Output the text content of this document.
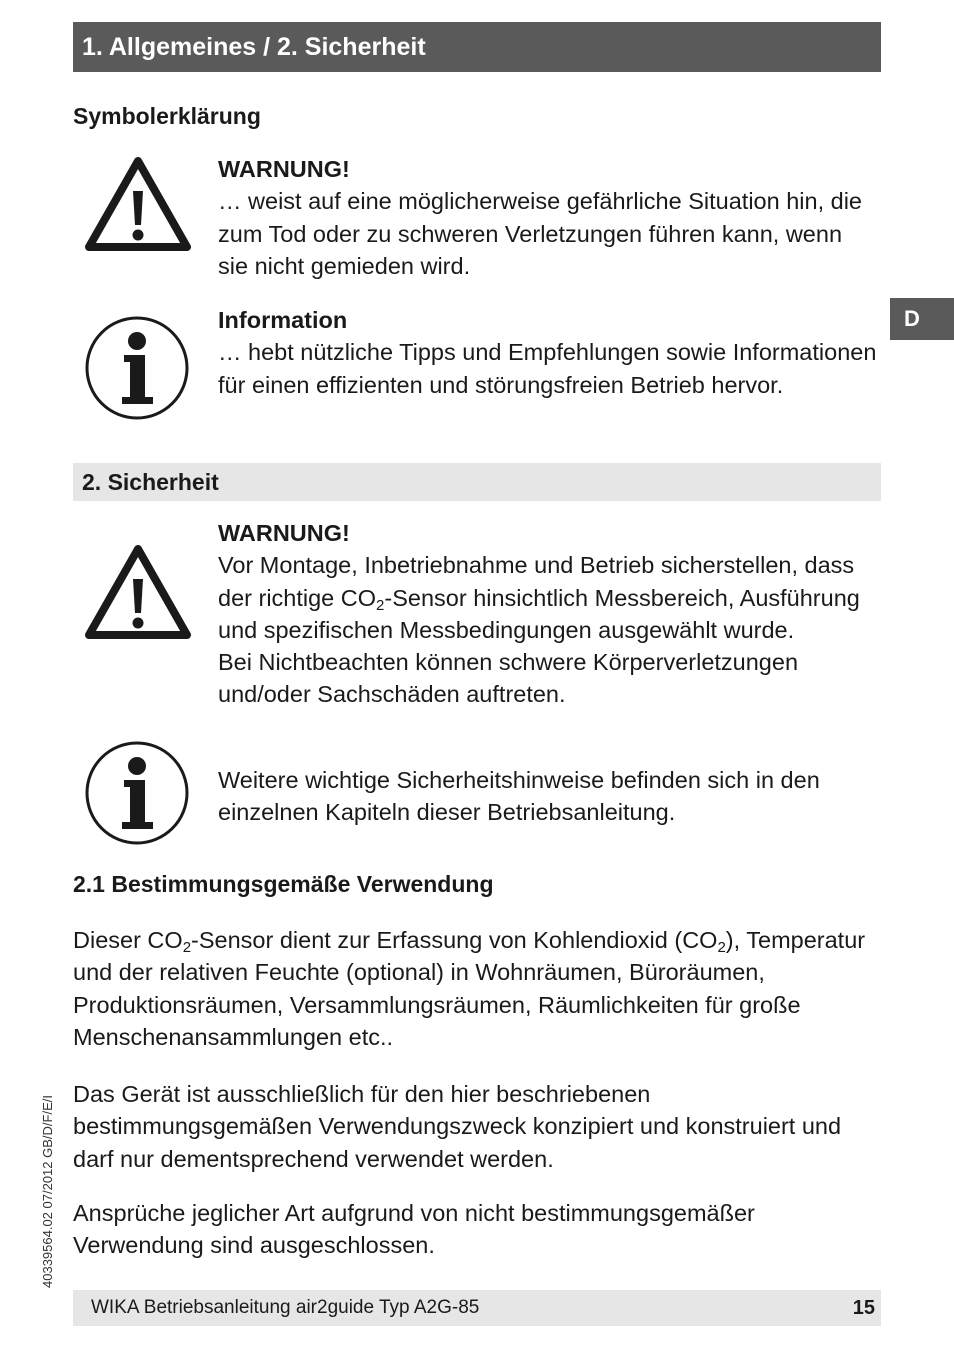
1. Allgemeines / 2. Sicherheit
D
Symbolerklärung
WARNUNG!

… weist auf eine möglicherweise gefährliche Situation hin, die zum Tod oder zu schweren Verletzungen führen kann, wenn sie nicht gemieden wird.

Information

… hebt nützliche Tipps und Empfehlungen sowie Informationen für einen effizienten und störungsfreien Betrieb hervor.

2. Sicherheit
WARNUNG!

Vor Montage, Inbetriebnahme und Betrieb sicherstellen, dass der richtige $CO_2$-Sensor hinsichtlich Messbereich, Ausführung und spezifischen Messbedingungen ausgewählt wurde.

Bei Nichtbeachten können schwere Körperverletzungen und/oder Sachschäden auftreten.

Weitere wichtige Sicherheitshinweise befinden sich in den einzelnen Kapiteln dieser Betriebsanleitung.

2.1 Bestimmungsgemäße Verwendung

Dieser $CO_2$-Sensor dient zur Erfassung von Kohlendioxid $(CO_2)$, Temperatur und der relativen Feuchte (optional) in Wohnräumen, Büroräumen, Produktionsräumen, Versammlungsräumen, Räumlichkeiten für große Menschenansammlungen etc..

Das Gerät ist ausschließlich für den hier beschriebenen bestimmungsgemäßen Verwendungszweck konzipiert und konstruiert und darf nur dementsprechend verwendet werden.

Ansprüche jeglicher Art aufgrund von nicht bestimmungsgemäßer Verwendung sind ausgeschlossen.

40339564.02 07/2012 GB/D/F/E/I
WIKA Betriebsanleitung air2guide Typ A2G-85	15
